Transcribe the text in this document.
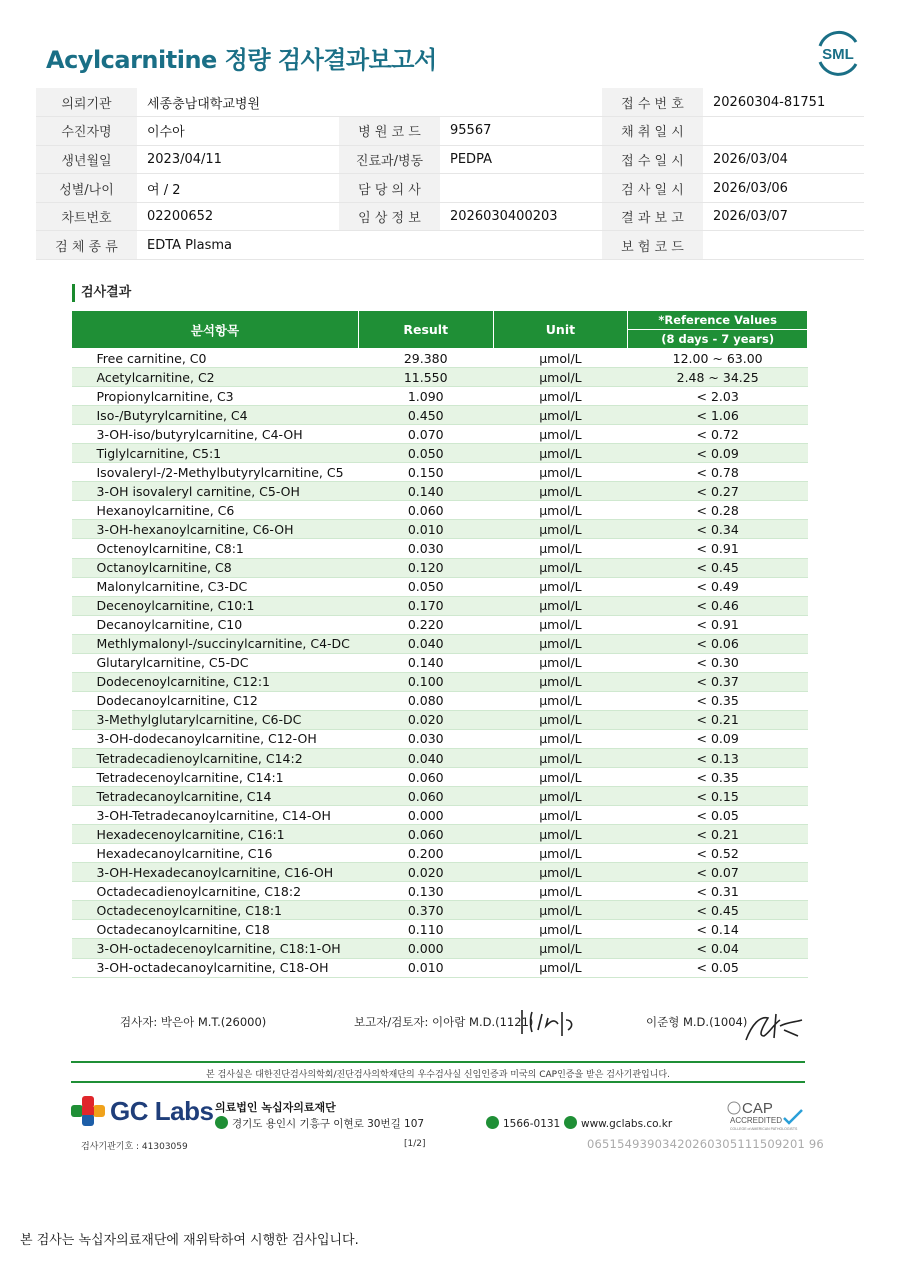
Acylcarnitine 정량 검사결과보고서	SML
의뢰기관	세종충남대학교병원			접 수 번 호	20260304-81751
수진자명	이수아	병 원 코 드	95567	채 취 일 시	
생년월일	2023/04/11	진료과/병동	PEDPA	접 수 일 시	2026/03/04
성별/나이	여 / 2	담 당 의 사		검 사 일 시	2026/03/06
차트번호	02200652	임 상 정 보	2026030400203	결 과 보 고	2026/03/07
검 체 종 류	EDTA Plasma			보 험 코 드	
검사결과
분석항목	Result	Unit	*Reference Values
			(8 days - 7 years)
Free carnitine, C0	29.380	μmol/L	12.00 ~ 63.00
Acetylcarnitine, C2	11.550	μmol/L	2.48 ~ 34.25
Propionylcarnitine, C3	1.090	μmol/L	< 2.03
Iso-/Butyrylcarnitine, C4	0.450	μmol/L	< 1.06
3-OH-iso/butyrylcarnitine, C4-OH	0.070	μmol/L	< 0.72
Tiglylcarnitine, C5:1	0.050	μmol/L	< 0.09
Isovaleryl-/2-Methylbutyrylcarnitine, C5	0.150	μmol/L	< 0.78
3-OH isovaleryl carnitine, C5-OH	0.140	μmol/L	< 0.27
Hexanoylcarnitine, C6	0.060	μmol/L	< 0.28
3-OH-hexanoylcarnitine, C6-OH	0.010	μmol/L	< 0.34
Octenoylcarnitine, C8:1	0.030	μmol/L	< 0.91
Octanoylcarnitine, C8	0.120	μmol/L	< 0.45
Malonylcarnitine, C3-DC	0.050	μmol/L	< 0.49
Decenoylcarnitine, C10:1	0.170	μmol/L	< 0.46
Decanoylcarnitine, C10	0.220	μmol/L	< 0.91
Methlymalonyl-/succinylcarnitine, C4-DC	0.040	μmol/L	< 0.06
Glutarylcarnitine, C5-DC	0.140	μmol/L	< 0.30
Dodecenoylcarnitine, C12:1	0.100	μmol/L	< 0.37
Dodecanoylcarnitine, C12	0.080	μmol/L	< 0.35
3-Methylglutarylcarnitine, C6-DC	0.020	μmol/L	< 0.21
3-OH-dodecanoylcarnitine, C12-OH	0.030	μmol/L	< 0.09
Tetradecadienoylcarnitine, C14:2	0.040	μmol/L	< 0.13
Tetradecenoylcarnitine, C14:1	0.060	μmol/L	< 0.35
Tetradecanoylcarnitine, C14	0.060	μmol/L	< 0.15
3-OH-Tetradecanoylcarnitine, C14-OH	0.000	μmol/L	< 0.05
Hexadecenoylcarnitine, C16:1	0.060	μmol/L	< 0.21
Hexadecanoylcarnitine, C16	0.200	μmol/L	< 0.52
3-OH-Hexadecanoylcarnitine, C16-OH	0.020	μmol/L	< 0.07
Octadecadienoylcarnitine, C18:2	0.130	μmol/L	< 0.31
Octadecenoylcarnitine, C18:1	0.370	μmol/L	< 0.45
Octadecanoylcarnitine, C18	0.110	μmol/L	< 0.14
3-OH-octadecenoylcarnitine, C18:1-OH	0.000	μmol/L	< 0.04
3-OH-octadecanoylcarnitine, C18-OH	0.010	μmol/L	< 0.05
검사자: 박은아 M.T.(26000)	보고자/검토자: 이아람 M.D.(1121)	이준형 M.D.(1004)
본 검사실은 대한진단검사의학회/진단검사의학재단의 우수검사실 신임인증과 미국의 CAP인증을 받은 검사기관입니다.
GC Labs 의료법인 녹십자의료재단
경기도 용인시 기흥구 이현로 30번길 107	1566-0131	www.gclabs.co.kr
CAP
ACCREDITED
COLLEGE of AMERICAN PATHOLOGISTS
검사기관기호 : 41303059	[1/2]	06515493903420260305111509201 96
본 검사는 녹십자의료재단에 재위탁하여 시행한 검사입니다.
